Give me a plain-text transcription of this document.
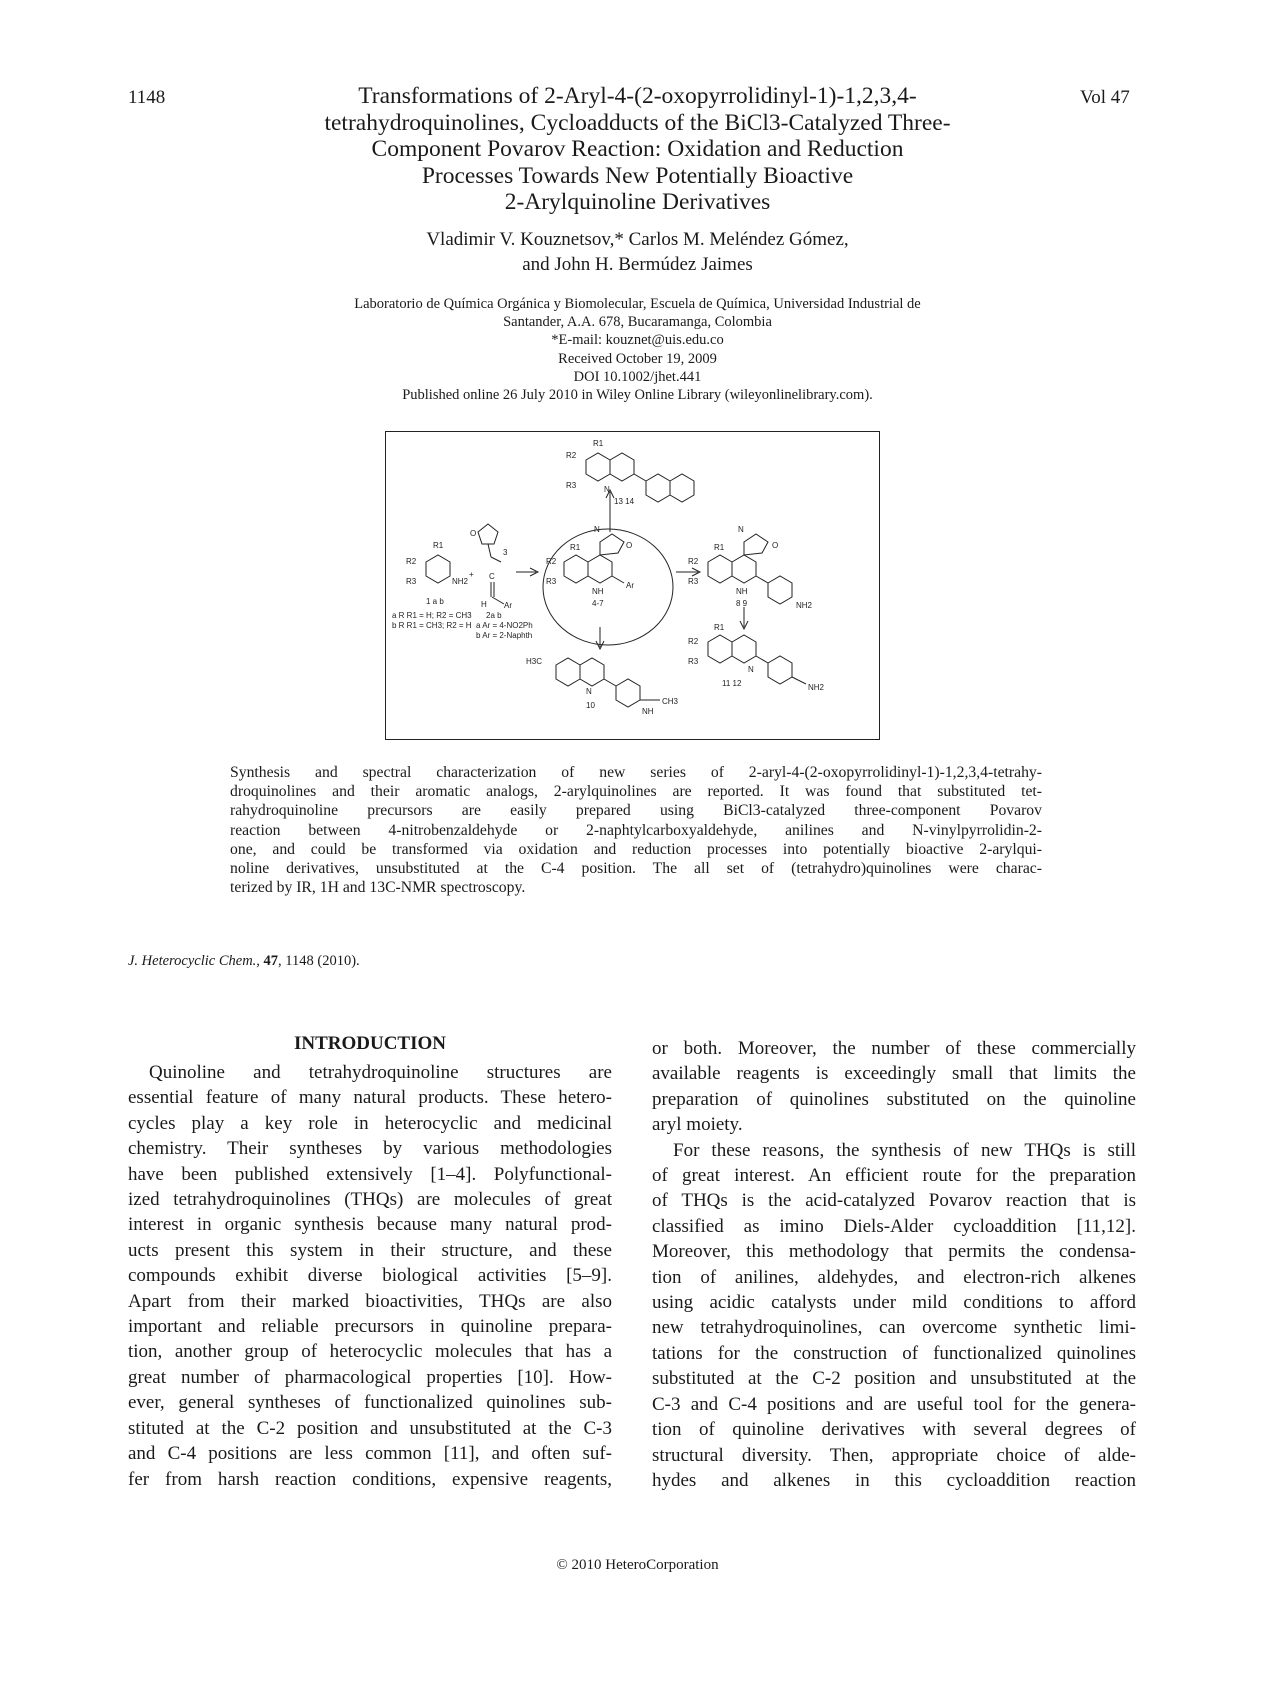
1148	Vol 47
Transformations of 2-Aryl-4-(2-oxopyrrolidinyl-1)-1,2,3,4-
tetrahydroquinolines, Cycloadducts of the BiCl3-Catalyzed Three-
Component Povarov Reaction: Oxidation and Reduction
Processes Towards New Potentially Bioactive
2-Arylquinoline Derivatives
Vladimir V. Kouznetsov,* Carlos M. Meléndez Gómez,
and John H. Bermúdez Jaimes
Laboratorio de Química Orgánica y Biomolecular, Escuela de Química, Universidad Industrial de
Santander, A.A. 678, Bucaramanga, Colombia
*E-mail: kouznet@uis.edu.co
Received October 19, 2009
DOI 10.1002/jhet.441
Published online 26 July 2010 in Wiley Online Library (wileyonlinelibrary.com).
R1
R2
R3	N
13 14
R1
R2
R3	NH2
1 a b
a R R1 = H; R2 = CH3
b R R1 = CH3; R2 = H
O
3
+ C
H Ar
2a b
a Ar = 4-NO2Ph
b Ar = 2-Naphth
R1
R2
R3
N
O
NH
Ar
4-7
R1
R2
R3
N
O
NH
8 9	NH2
H3C
N
10
NH
CH3
R1
R2
R3
N
11 12	NH2
Synthesis and spectral characterization of new series of 2-aryl-4-(2-oxopyrrolidinyl-1)-1,2,3,4-tetrahy-
droquinolines and their aromatic analogs, 2-arylquinolines are reported. It was found that substituted tet-
rahydroquinoline precursors are easily prepared using BiCl3-catalyzed three-component Povarov
reaction between 4-nitrobenzaldehyde or 2-naphtylcarboxyaldehyde, anilines and N-vinylpyrrolidin-2-
one, and could be transformed via oxidation and reduction processes into potentially bioactive 2-arylqui-
noline derivatives, unsubstituted at the C-4 position. The all set of (tetrahydro)quinolines were charac-
terized by IR, 1H and 13C-NMR spectroscopy.
J. Heterocyclic Chem., 47, 1148 (2010).
INTRODUCTION
Quinoline and tetrahydroquinoline structures are
essential feature of many natural products. These hetero-
cycles play a key role in heterocyclic and medicinal
chemistry. Their syntheses by various methodologies
have been published extensively [1–4]. Polyfunctional-
ized tetrahydroquinolines (THQs) are molecules of great
interest in organic synthesis because many natural prod-
ucts present this system in their structure, and these
compounds exhibit diverse biological activities [5–9].
Apart from their marked bioactivities, THQs are also
important and reliable precursors in quinoline prepara-
tion, another group of heterocyclic molecules that has a
great number of pharmacological properties [10]. How-
ever, general syntheses of functionalized quinolines sub-
stituted at the C-2 position and unsubstituted at the C-3
and C-4 positions are less common [11], and often suf-
fer from harsh reaction conditions, expensive reagents,
or both. Moreover, the number of these commercially
available reagents is exceedingly small that limits the
preparation of quinolines substituted on the quinoline
aryl moiety.
For these reasons, the synthesis of new THQs is still
of great interest. An efficient route for the preparation
of THQs is the acid-catalyzed Povarov reaction that is
classified as imino Diels-Alder cycloaddition [11,12].
Moreover, this methodology that permits the condensa-
tion of anilines, aldehydes, and electron-rich alkenes
using acidic catalysts under mild conditions to afford
new tetrahydroquinolines, can overcome synthetic limi-
tations for the construction of functionalized quinolines
substituted at the C-2 position and unsubstituted at the
C-3 and C-4 positions and are useful tool for the genera-
tion of quinoline derivatives with several degrees of
structural diversity. Then, appropriate choice of alde-
hydes and alkenes in this cycloaddition reaction
© 2010 HeteroCorporation
